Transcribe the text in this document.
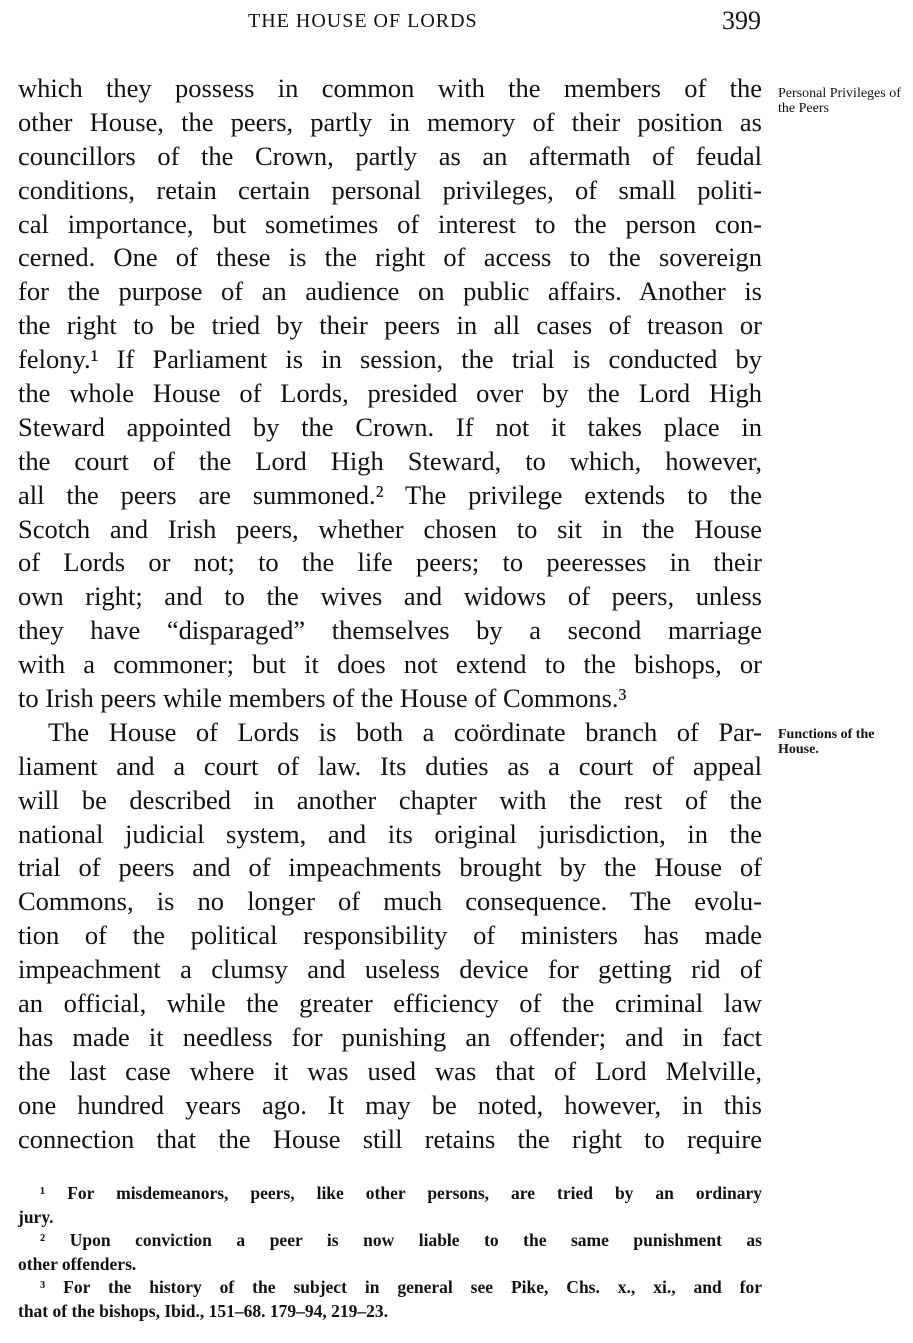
THE HOUSE OF LORDS	399
Personal Privileges of the Peers
Functions of the House.
which they possess in common with the members of the
other House, the peers, partly in memory of their position as
councillors of the Crown, partly as an aftermath of feudal
conditions, retain certain personal privileges, of small politi-
cal importance, but sometimes of interest to the person con-
cerned. One of these is the right of access to the sovereign
for the purpose of an audience on public affairs. Another is
the right to be tried by their peers in all cases of treason or
felony.¹ If Parliament is in session, the trial is conducted by
the whole House of Lords, presided over by the Lord High
Steward appointed by the Crown. If not it takes place in
the court of the Lord High Steward, to which, however,
all the peers are summoned.² The privilege extends to the
Scotch and Irish peers, whether chosen to sit in the House
of Lords or not; to the life peers; to peeresses in their
own right; and to the wives and widows of peers, unless
they have “disparaged” themselves by a second marriage
with a commoner; but it does not extend to the bishops, or
to Irish peers while members of the House of Commons.³
The House of Lords is both a coördinate branch of Par-
liament and a court of law. Its duties as a court of appeal
will be described in another chapter with the rest of the
national judicial system, and its original jurisdiction, in the
trial of peers and of impeachments brought by the House of
Commons, is no longer of much consequence. The evolu-
tion of the political responsibility of ministers has made
impeachment a clumsy and useless device for getting rid of
an official, while the greater efficiency of the criminal law
has made it needless for punishing an offender; and in fact
the last case where it was used was that of Lord Melville,
one hundred years ago. It may be noted, however, in this
connection that the House still retains the right to require
¹ For misdemeanors, peers, like other persons, are tried by an ordinary
jury.
² Upon conviction a peer is now liable to the same punishment as
other offenders.
³ For the history of the subject in general see Pike, Chs. x., xi., and for
that of the bishops, Ibid., 151–68. 179–94, 219–23.
